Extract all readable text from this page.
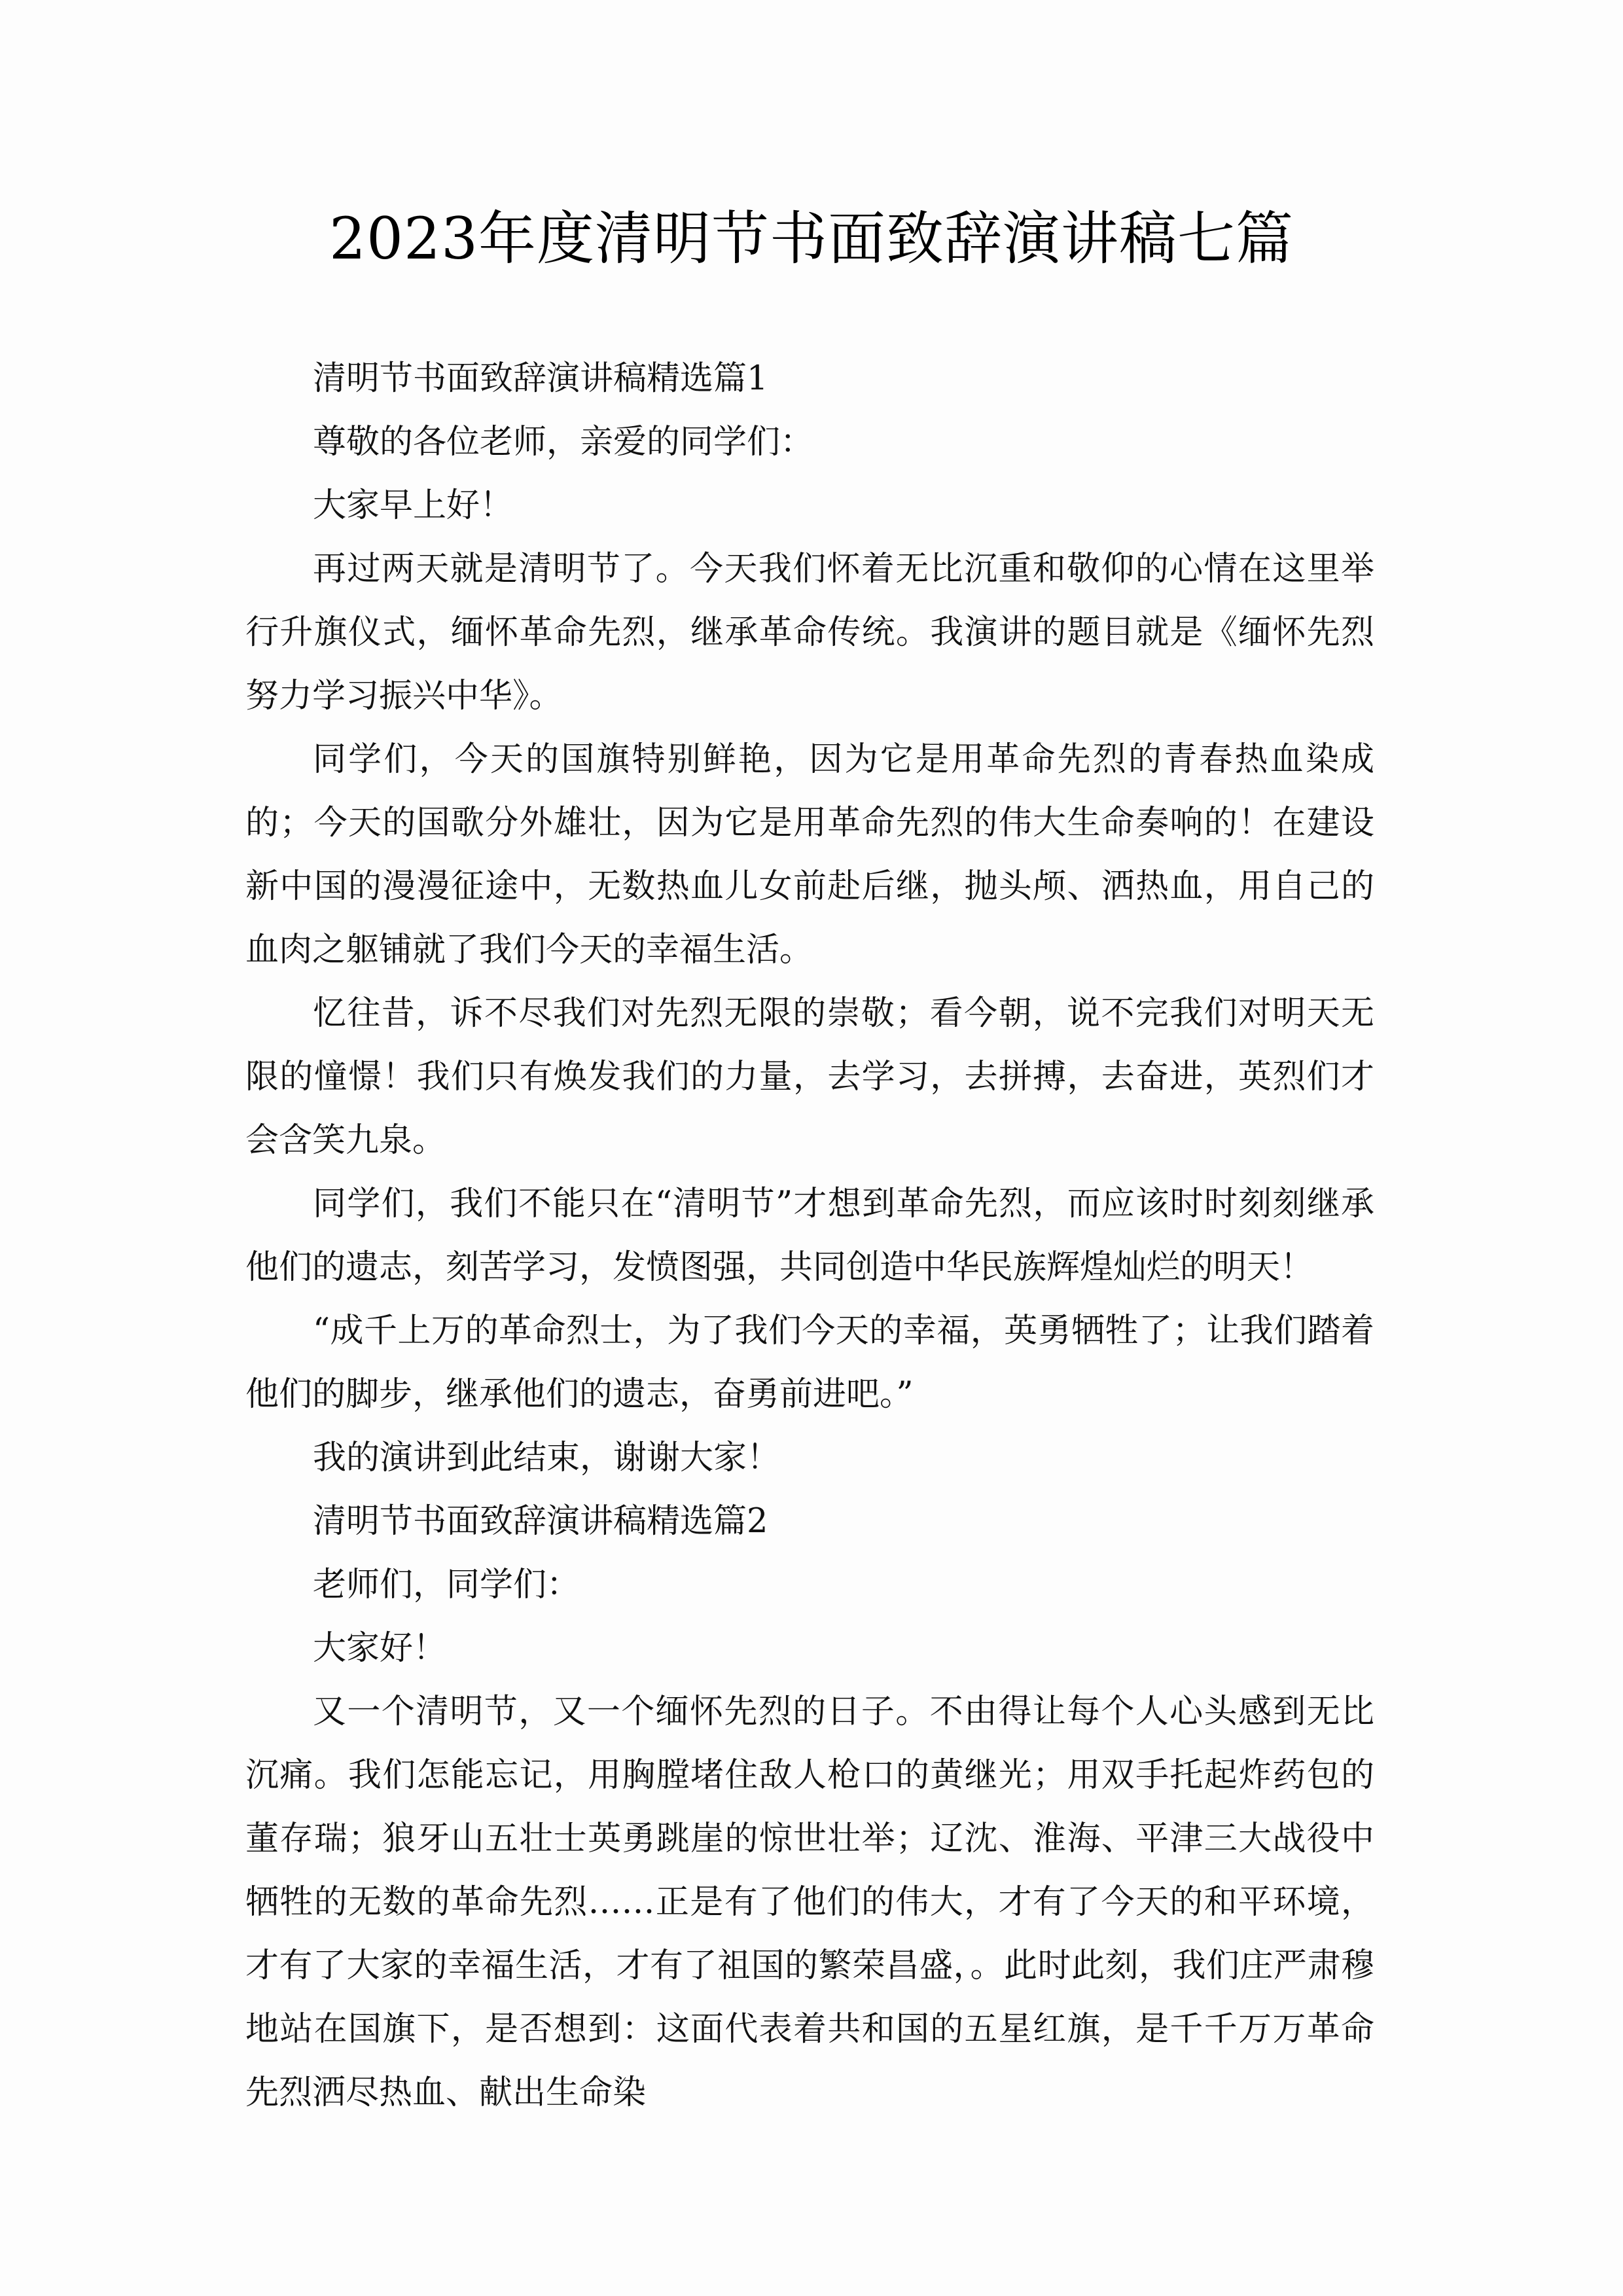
2023年度清明节书面致辞演讲稿七篇

清明节书面致辞演讲稿精选篇1

尊敬的各位老师，亲爱的同学们：

大家早上好！

再过两天就是清明节了。今天我们怀着无比沉重和敬仰的心情在这里举行升旗仪式，缅怀革命先烈，继承革命传统。我演讲的题目就是《缅怀先烈努力学习振兴中华》。

同学们，今天的国旗特别鲜艳，因为它是用革命先烈的青春热血染成的；今天的国歌分外雄壮，因为它是用革命先烈的伟大生命奏响的！在建设新中国的漫漫征途中，无数热血儿女前赴后继，抛头颅、洒热血，用自己的血肉之躯铺就了我们今天的幸福生活。

忆往昔，诉不尽我们对先烈无限的崇敬；看今朝，说不完我们对明天无限的憧憬！我们只有焕发我们的力量，去学习，去拼搏，去奋进，英烈们才会含笑九泉。

同学们，我们不能只在“清明节”才想到革命先烈，而应该时时刻刻继承他们的遗志，刻苦学习，发愤图强，共同创造中华民族辉煌灿烂的明天！

“成千上万的革命烈士，为了我们今天的幸福，英勇牺牲了；让我们踏着他们的脚步，继承他们的遗志，奋勇前进吧。”

我的演讲到此结束，谢谢大家！

清明节书面致辞演讲稿精选篇2

老师们，同学们：

大家好！

又一个清明节，又一个缅怀先烈的日子。不由得让每个人心头感到无比沉痛。我们怎能忘记，用胸膛堵住敌人枪口的黄继光；用双手托起炸药包的董存瑞；狼牙山五壮士英勇跳崖的惊世壮举；辽沈、淮海、平津三大战役中牺牲的无数的革命先烈……正是有了他们的伟大，才有了今天的和平环境，才有了大家的幸福生活，才有了祖国的繁荣昌盛，。此时此刻，我们庄严肃穆地站在国旗下，是否想到：这面代表着共和国的五星红旗，是千千万万革命先烈洒尽热血、献出生命染
